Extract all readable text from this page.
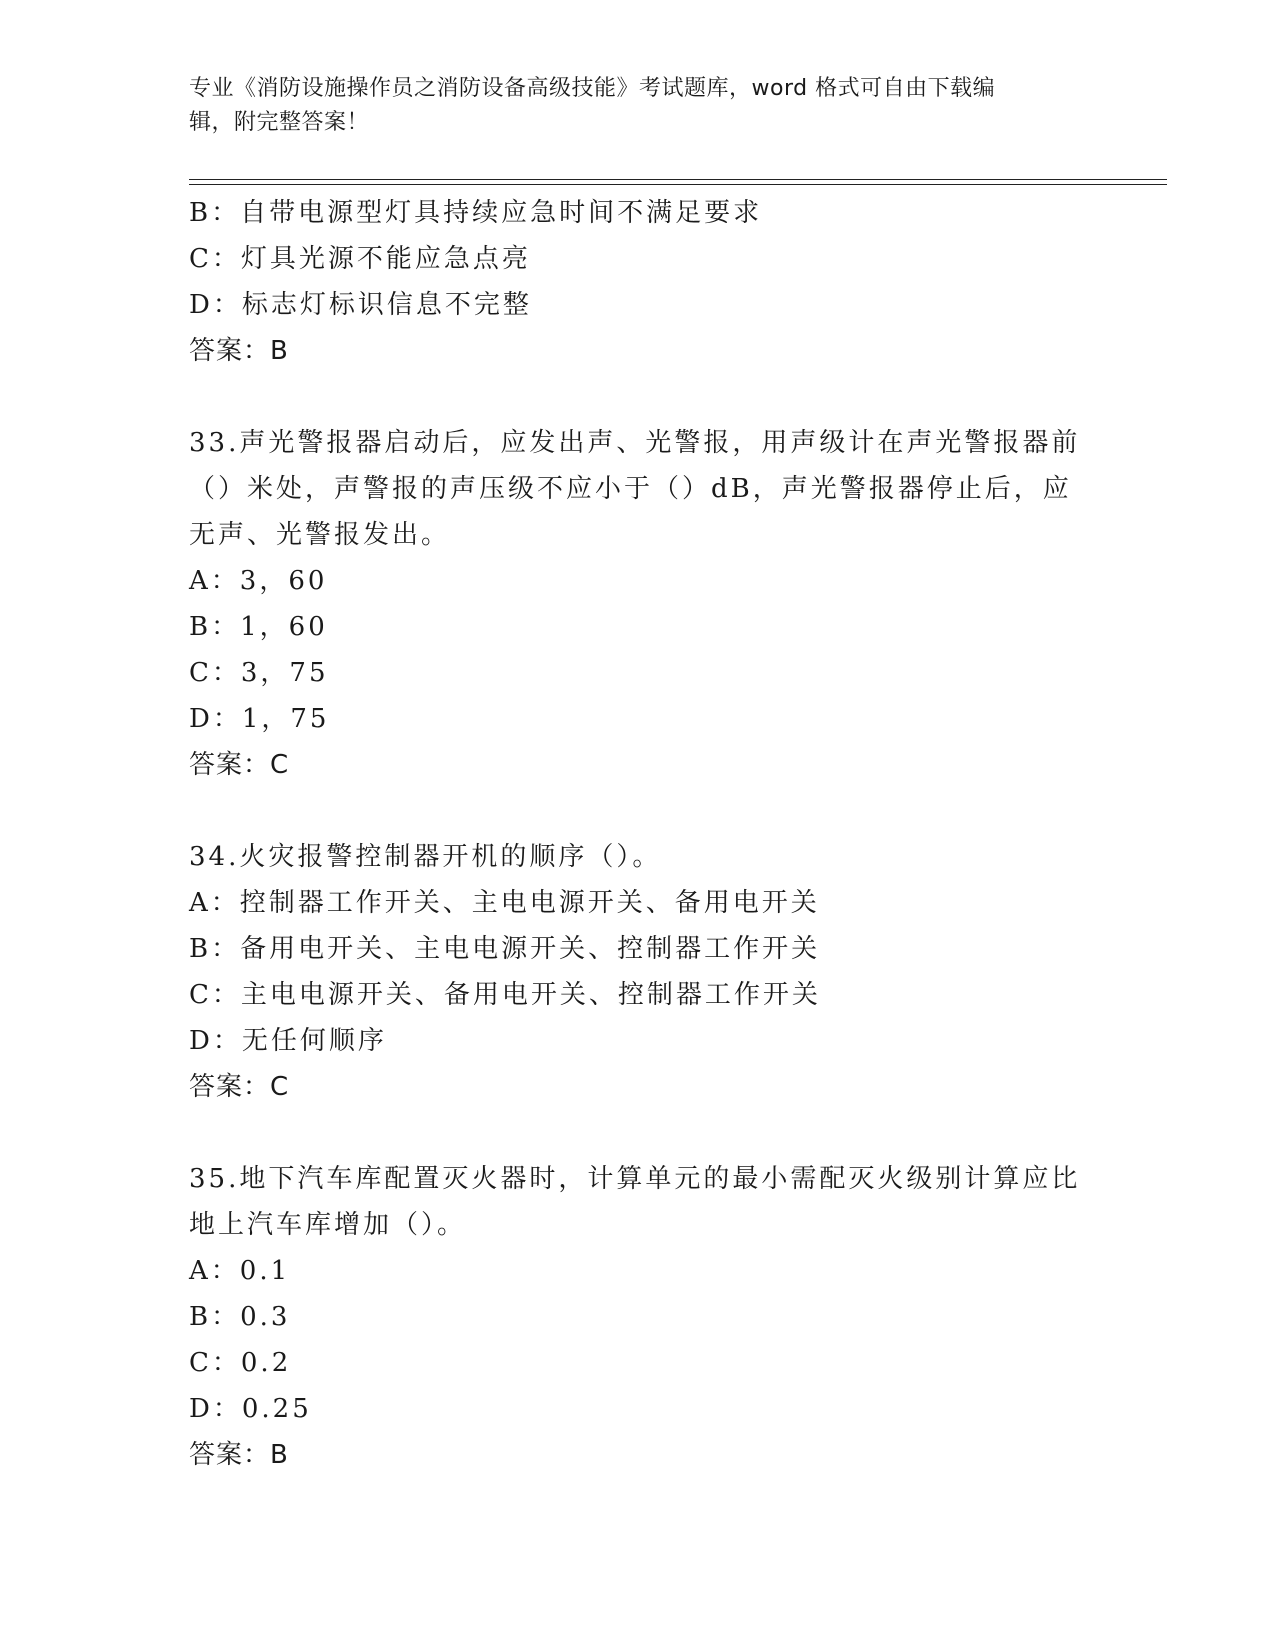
专业《消防设施操作员之消防设备高级技能》考试题库，word 格式可自由下载编
辑，附完整答案！
B：自带电源型灯具持续应急时间不满足要求
C：灯具光源不能应急点亮
D：标志灯标识信息不完整
答案：B
33.声光警报器启动后，应发出声、光警报，用声级计在声光警报器前
（）米处，声警报的声压级不应小于（）dB，声光警报器停止后，应
无声、光警报发出。
A：3，60
B：1，60
C：3，75
D：1，75
答案：C
34.火灾报警控制器开机的顺序（）。
A：控制器工作开关、主电电源开关、备用电开关
B：备用电开关、主电电源开关、控制器工作开关
C：主电电源开关、备用电开关、控制器工作开关
D：无任何顺序
答案：C
35.地下汽车库配置灭火器时，计算单元的最小需配灭火级别计算应比
地上汽车库增加（）。
A：0.1
B：0.3
C：0.2
D：0.25
答案：B
